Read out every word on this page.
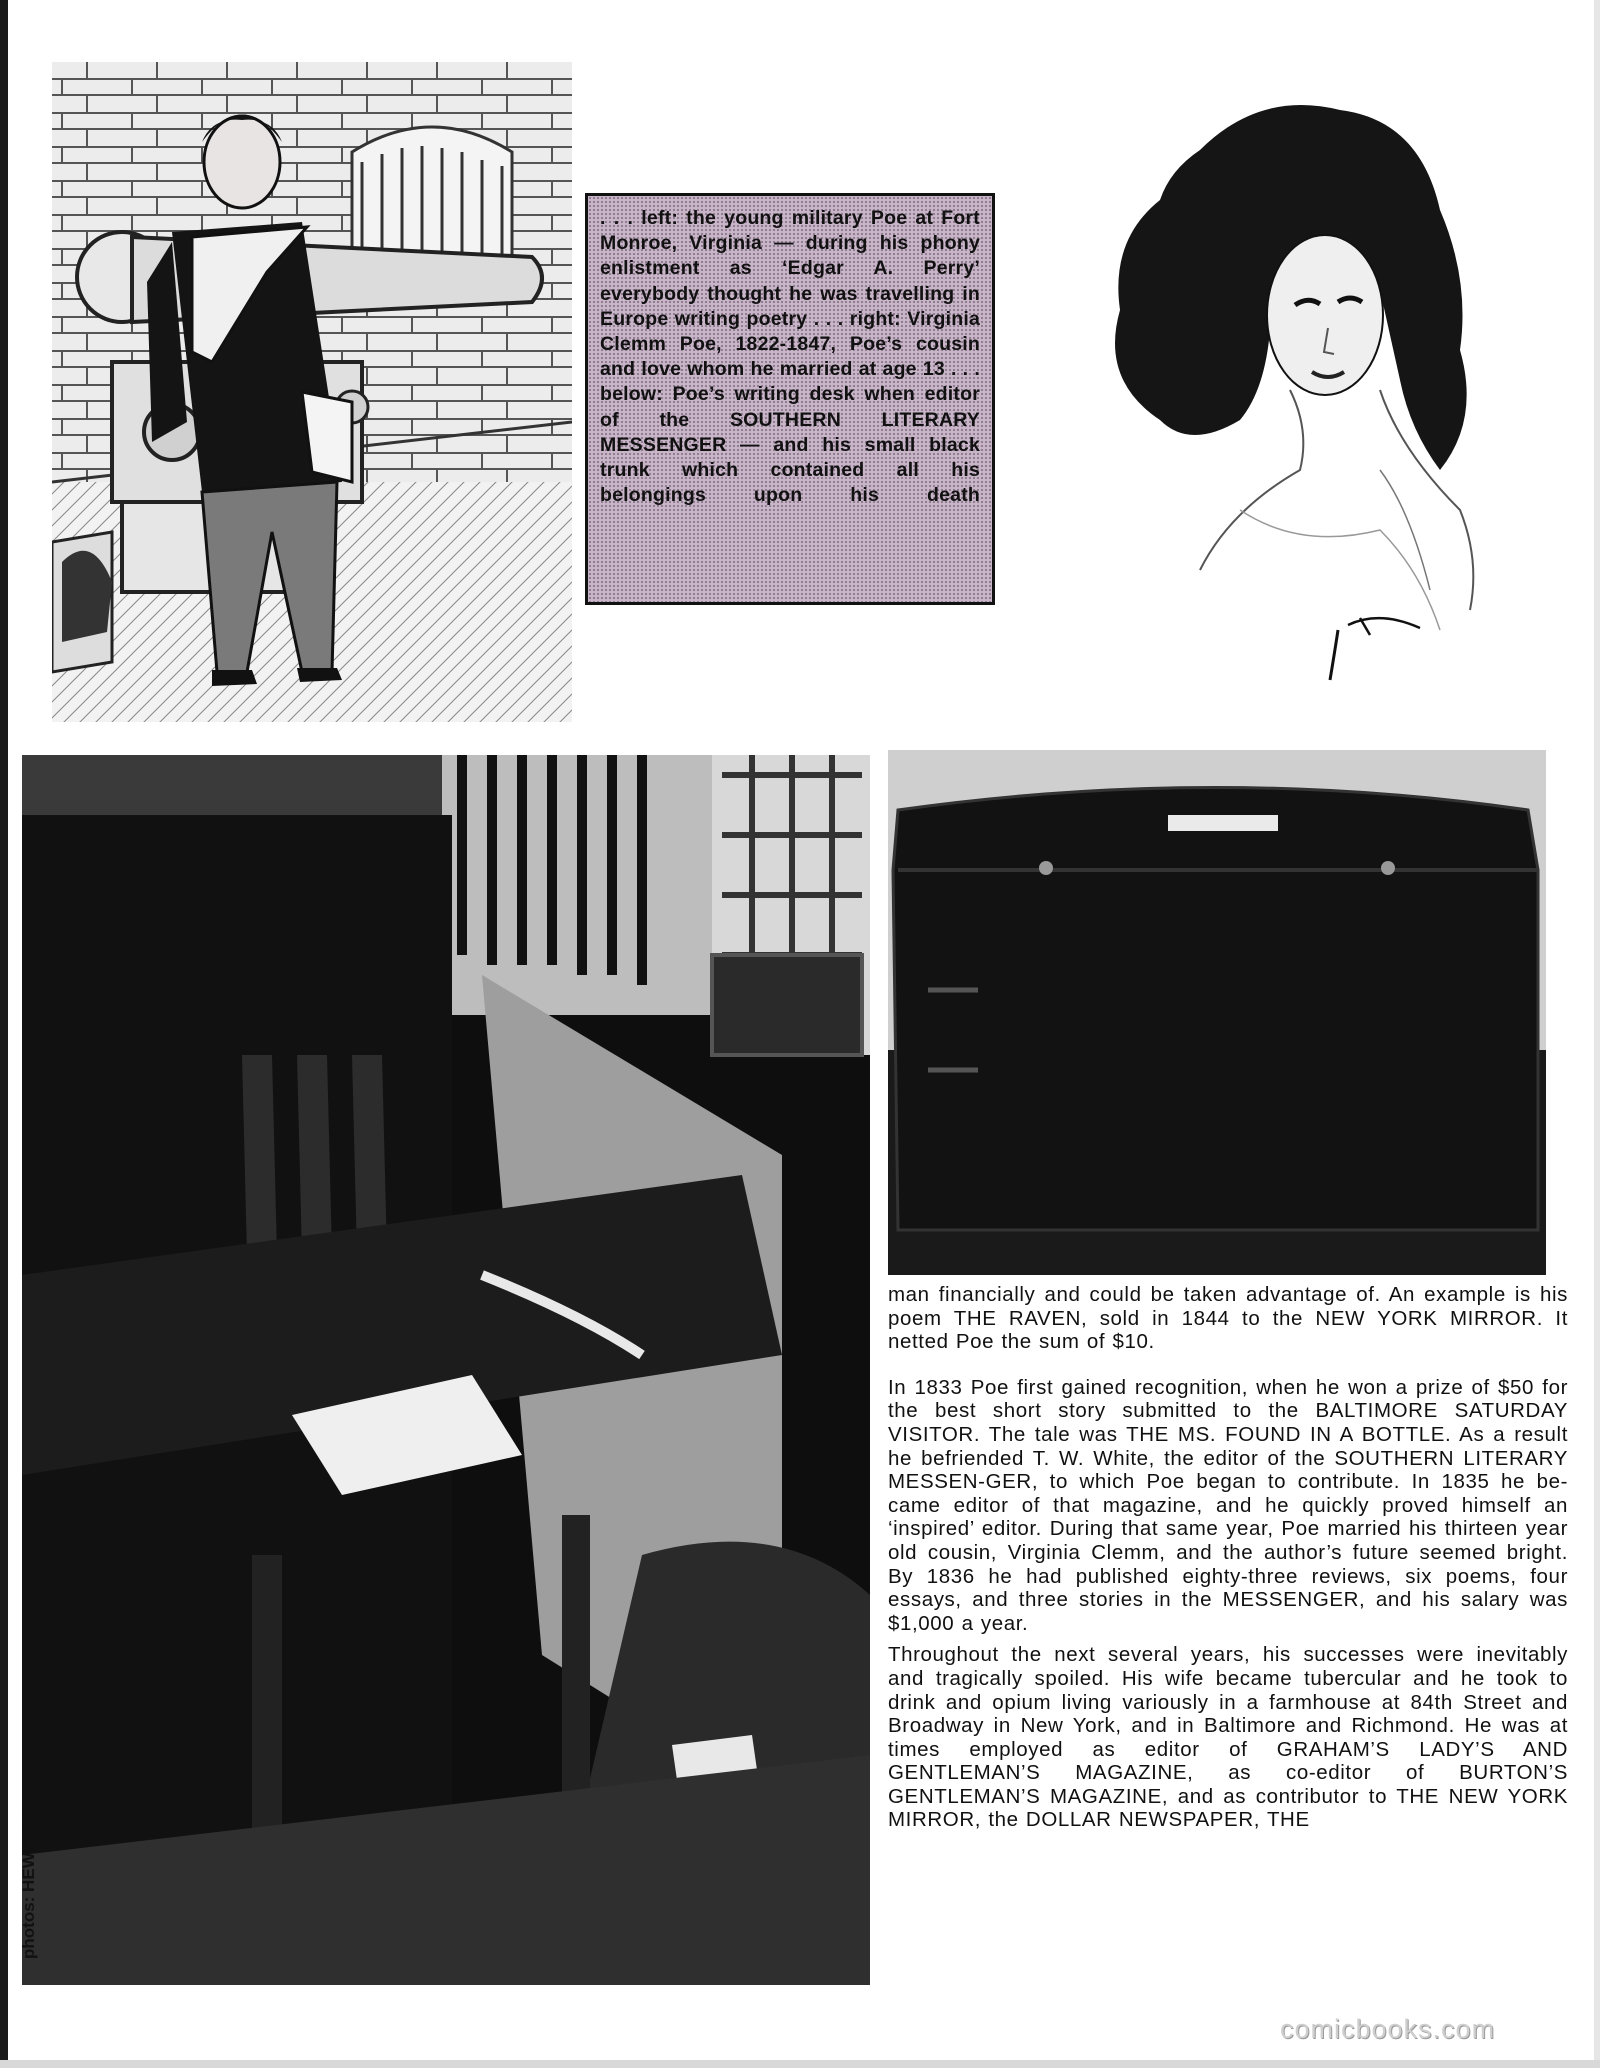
. . . left: the young military Poe at Fort Monroe, Virginia — during his phony enlistment as ‘Edgar A. Perry’ everybody thought he was travelling in Europe writing poetry . . . right: Virginia Clemm Poe, 1822-1847, Poe’s cousin and love whom he married at age 13 . . . below: Poe’s writing desk when editor of the SOUTHERN LITERARY MESSENGER — and his small black trunk which contained all his belongings upon his death

man financially and could be taken advantage of. An example is his poem THE RAVEN, sold in 1844 to the NEW YORK MIRROR. It netted Poe the sum of $10.

In 1833 Poe first gained recognition, when he won a prize of $50 for the best short story submitted to the BALTIMORE SATURDAY VISITOR. The tale was THE MS. FOUND IN A BOTTLE. As a result he befriended T. W. White, the editor of the SOUTHERN LITERARY MESSEN-GER, to which Poe began to contribute. In 1835 he be-came editor of that magazine, and he quickly proved himself an ‘inspired’ editor. During that same year, Poe married his thirteen year old cousin, Virginia Clemm, and the author’s future seemed bright. By 1836 he had published eighty-three reviews, six poems, four essays, and three stories in the MESSENGER, and his salary was $1,000 a year.

Throughout the next several years, his successes were inevitably and tragically spoiled. His wife became tubercular and he took to drink and opium living variously in a farmhouse at 84th Street and Broadway in New York, and in Baltimore and Richmond. He was at times employed as editor of GRAHAM’S LADY’S AND GENTLEMAN’S MAGAZINE, as co-editor of BURTON’S GENTLEMAN’S MAGAZINE, and as contributor to THE NEW YORK MIRROR, the DOLLAR NEWSPAPER, THE

photos: HEWETSON
comicbooks.com
